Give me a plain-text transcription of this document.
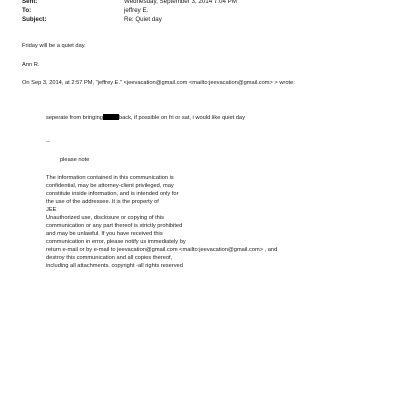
Sent:	Wednesday, September 3, 2014 7:04 PM
To:	jeffrey E.
Subject:	Re: Quiet day
Friday will be a quiet day.
Ann R.
On Sep 3, 2014, at 2:57 PM, "jeffrey E." <jeevacation@gmail.com <mailto:jeevacation@gmail.com> > wrote:
seperate from bringing	back, if possible on fri or sat, i would like quiet day
--
please note
The information contained in this communication is
confidential, may be attorney-client privileged, may
constitute inside information, and is intended only for
the use of the addressee. It is the property of
JEE
Unauthorized use, disclosure or copying of this
communication or any part thereof is strictly prohibited
and may be unlawful. If you have received this
communication in error, please notify us immediately by
return e-mail or by e-mail to jeevacation@gmail.com <mailto:jeevacation@gmail.com> , and
destroy this communication and all copies thereof,
including all attachments. copyright -all rights reserved
